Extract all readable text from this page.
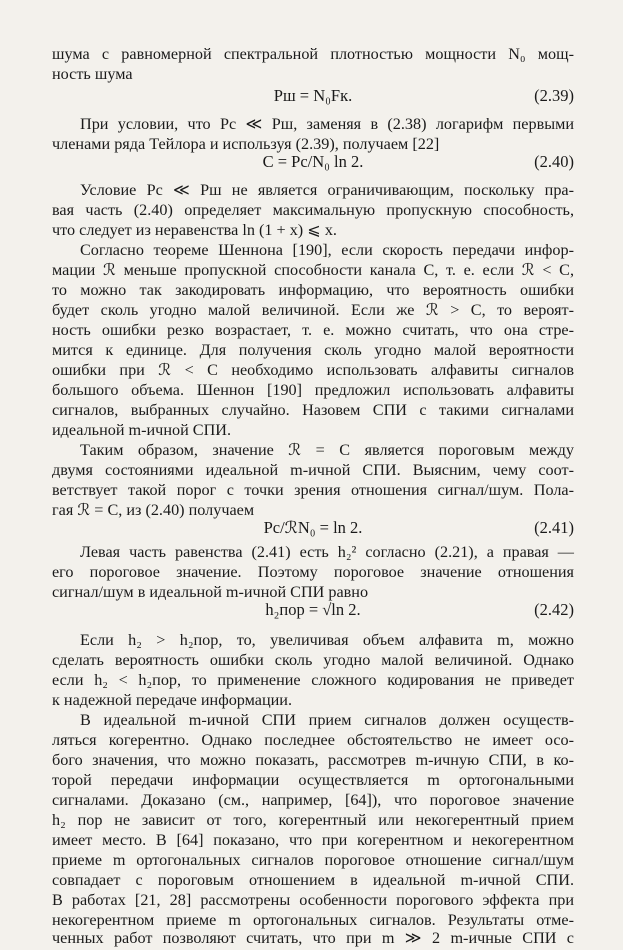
шума с равномерной спектральной плотностью мощности N₀ мощ-
ность шума
Pш = N₀Fк.	(2.39)
При условии, что Pс ≪ Pш, заменяя в (2.38) логарифм первыми
членами ряда Тейлора и используя (2.39), получаем [22]
C = Pс/N₀ ln 2.	(2.40)
Условие Pс ≪ Pш не является ограничивающим, поскольку пра-
вая часть (2.40) определяет максимальную пропускную способность,
что следует из неравенства ln (1 + x) ⩽ x.
Согласно теореме Шеннона [190], если скорость передачи инфор-
мации ℛ меньше пропускной способности канала C, т. е. если ℛ < C,
то можно так закодировать информацию, что вероятность ошибки
будет сколь угодно малой величиной. Если же ℛ > C, то вероят-
ность ошибки резко возрастает, т. е. можно считать, что она стре-
мится к единице. Для получения сколь угодно малой вероятности
ошибки при ℛ < C необходимо использовать алфавиты сигналов
большого объема. Шеннон [190] предложил использовать алфавиты
сигналов, выбранных случайно. Назовем СПИ с такими сигналами
идеальной m-ичной СПИ.
Таким образом, значение ℛ = C является пороговым между
двумя состояниями идеальной m-ичной СПИ. Выясним, чему соот-
ветствует такой порог с точки зрения отношения сигнал/шум. Пола-
гая ℛ = C, из (2.40) получаем
Pс/ℛN₀ = ln 2.	(2.41)
Левая часть равенства (2.41) есть h₂² согласно (2.21), а правая —
его пороговое значение. Поэтому пороговое значение отношения
сигнал/шум в идеальной m-ичной СПИ равно
h₂пор = √ln 2.	(2.42)
Если h₂ > h₂пор, то, увеличивая объем алфавита m, можно
сделать вероятность ошибки сколь угодно малой величиной. Однако
если h₂ < h₂пор, то применение сложного кодирования не приведет
к надежной передаче информации.
В идеальной m-ичной СПИ прием сигналов должен осуществ-
ляться когерентно. Однако последнее обстоятельство не имеет осо-
бого значения, что можно показать, рассмотрев m-ичную СПИ, в ко-
торой передачи информации осуществляется m ортогональными
сигналами. Доказано (см., например, [64]), что пороговое значение
h₂ пор не зависит от того, когерентный или некогерентный прием
имеет место. В [64] показано, что при когерентном и некогерентном
приеме m ортогональных сигналов пороговое отношение сигнал/шум
совпадает с пороговым отношением в идеальной m-ичной СПИ.
В работах [21, 28] рассмотрены особенности порогового эффекта при
некогерентном приеме m ортогональных сигналов. Результаты отме-
ченных работ позволяют считать, что при m ≫ 2 m-ичные СПИ с
